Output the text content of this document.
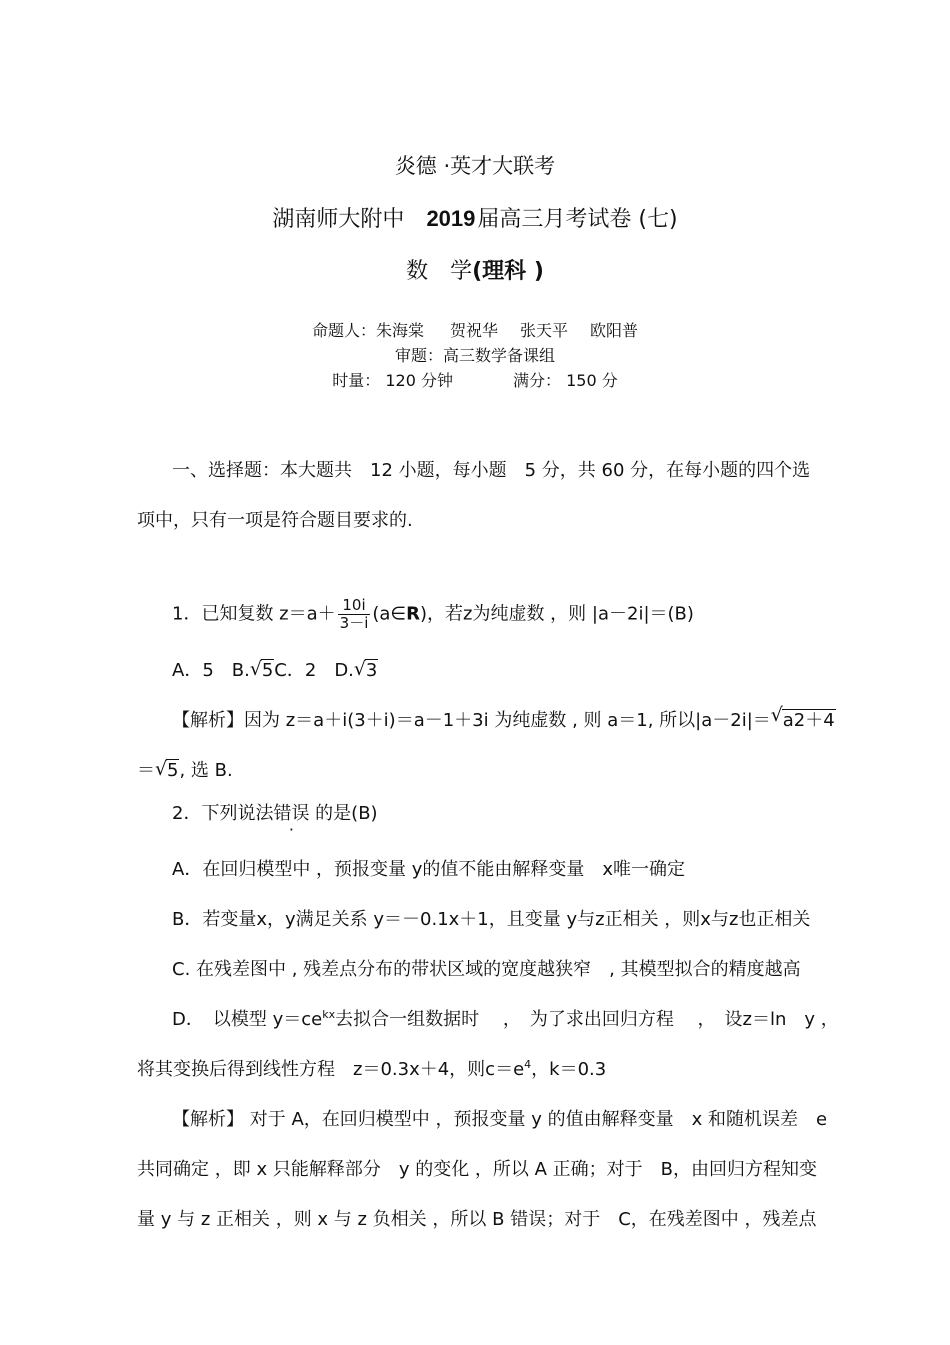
炎德 ·英才大联考
湖南师大附中 2019届高三月考试卷 (七)
数　学(理科 )
命题人：朱海棠 贺祝华 张天平 欧阳普
审题：高三数学备课组
时量： 120 分钟	满分： 150 分
一、选择题：本大题共　12 小题，每小题　5 分，共 60 分，在每小题的四个选
项中，只有一项是符合题目要求的.
1．已知复数 $z=a+ \frac{10i}{3-i}$ (a∈R)，若z为纯虚数 ，则 |a－2i|＝(B)
A．5　B. √ 5C．2　D. √ 3
【解析】因为 z＝a＋i(3＋i)＝a－1＋3i 为纯虚数 , 则 a＝1, 所以|a－2i|＝ √ a2＋4
＝ √ 5, 选 B.
2．下列说法错误 的是(B)
A．在回归模型中 ，预报变量 y的值不能由解释变量　x唯一确定
B．若变量x，y满足关系 y＝－0.1x＋1，且变量 y与z正相关 ，则x与z也正相关
C. 在残差图中 , 残差点分布的带状区域的宽度越狭窄　, 其模型拟合的精度越高
D．　以模型 $y=ce^{kx}$去拟合一组数据时　 ，　为了求出回归方程　 ，　设z＝ln　y ，
将其变换后得到线性方程　z＝0.3x＋4，则$c=e^4$，k＝0.3
【解析】 对于 A，在回归模型中 ，预报变量 y 的值由解释变量　x 和随机误差　e
共同确定 ，即 x 只能解释部分　y 的变化 ，所以 A 正确；对于　B，由回归方程知变
量 y 与 z 正相关 ，则 x 与 z 负相关 ，所以 B 错误；对于　C，在残差图中 ，残差点
